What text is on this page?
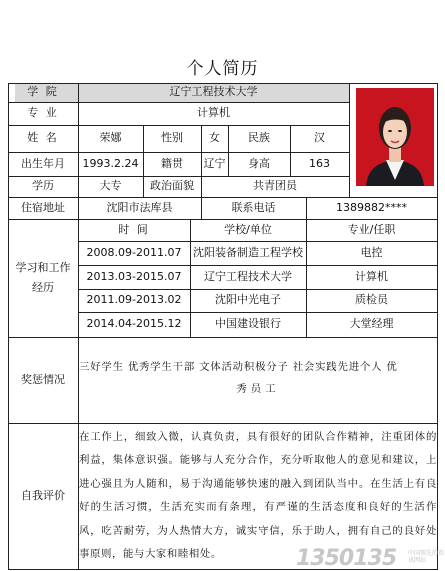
个人简历
学 院	辽宁工程技术大学
专 业	计算机
姓 名	荣娜	性别	女	民族	汉
出生年月	1993.2.24	籍贯	辽宁	身高	163
学历	大专	政治面貌	共青团员
住宿地址	沈阳市法库县	联系电话	1389882****
学习和工作经历
时 间	学校/单位	专业/任职
2008.09-2011.07	沈阳装备制造工程学校	电控
2013.03-2015.07	辽宁工程技术大学	计算机
2011.09-2013.02	沈阳中光电子	质检员
2014.04-2015.12	中国建设银行	大堂经理
奖惩情况
三好学生 优秀学生干部 文体活动积极分子 社会实践先进个人 优
秀员工
自我评价
在工作上，细致入微，认真负责，具有很好的团队合作精神，注重团体的利益，集体意识强。能够与人充分合作，充分听取他人的意见和建议，上进心强且为人随和，易于沟通能够快速的融入到团队当中。在生活上有良好的生活习惯，生活充实而有条理，有严谨的生活态度和良好的生活作风，吃苦耐劳，为人热情大方，诚实守信，乐于助人，拥有自己的良好处事原则，能与大家和睦相处。	1350135 中国领先的资讯网站
